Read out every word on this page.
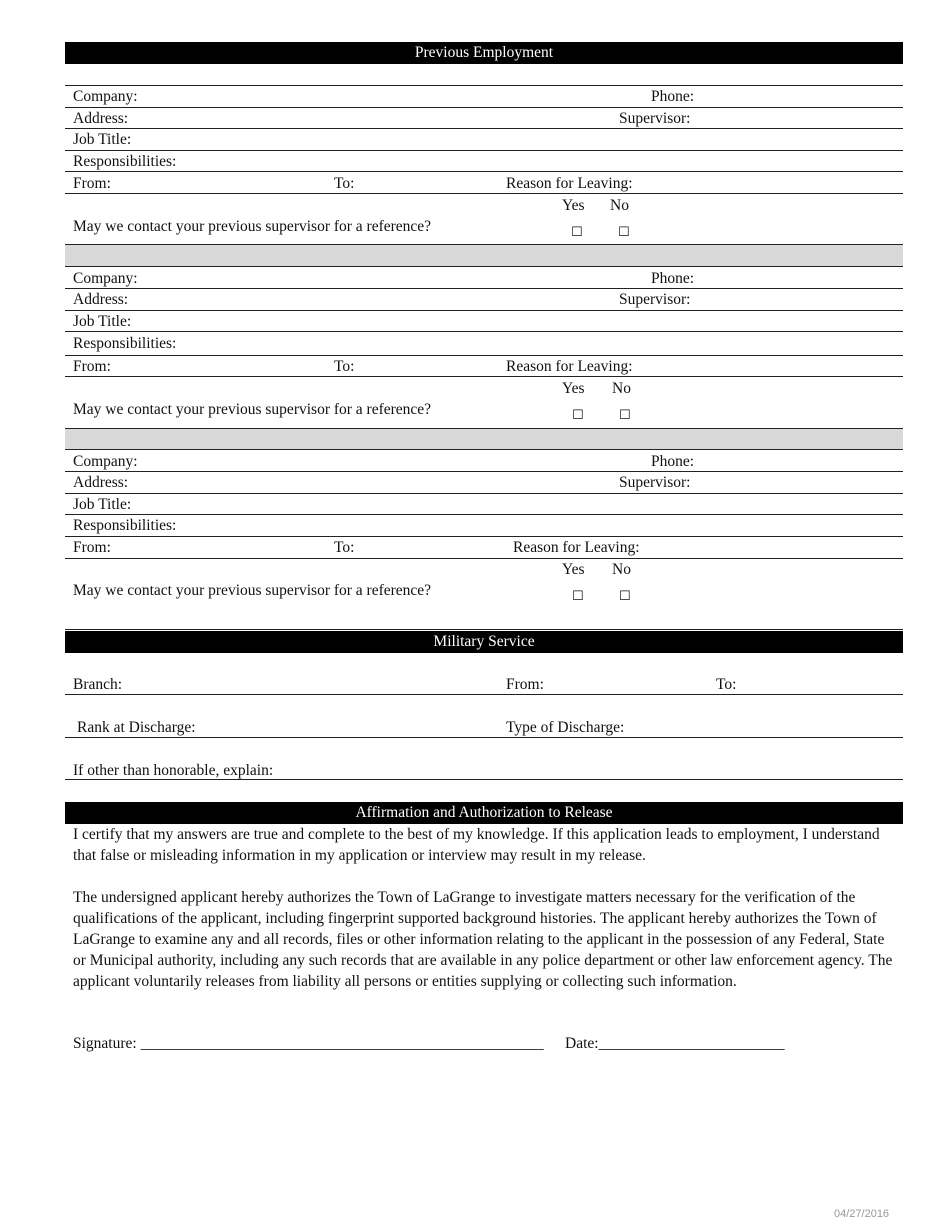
Previous Employment
Company:	Phone:
Address:	Supervisor:
Job Title:
Responsibilities:
From:	To:	Reason for Leaving:
Yes No
May we contact your previous supervisor for a reference?	☐	☐
Company:	Phone:
Address:	Supervisor:
Job Title:
Responsibilities:
From:	To:	Reason for Leaving:
Yes No
May we contact your previous supervisor for a reference?	☐	☐
Company:	Phone:
Address:	Supervisor:
Job Title:
Responsibilities:
From:	To:	Reason for Leaving:
Yes No
May we contact your previous supervisor for a reference?	☐	☐
Military Service
Branch:	From:	To:
Rank at Discharge:	Type of Discharge:
If other than honorable, explain:
Affirmation and Authorization to Release
I certify that my answers are true and complete to the best of my knowledge. If this application leads to employment, I understand that false or misleading information in my application or interview may result in my release.
The undersigned applicant hereby authorizes the Town of LaGrange to investigate matters necessary for the verification of the qualifications of the applicant, including fingerprint supported background histories. The applicant hereby authorizes the Town of LaGrange to examine any and all records, files or other information relating to the applicant in the possession of any Federal, State or Municipal authority, including any such records that are available in any police department or other law enforcement agency. The applicant voluntarily releases from liability all persons or entities supplying or collecting such information.
Signature: ____________________________________________________ Date:________________________
04/27/2016
